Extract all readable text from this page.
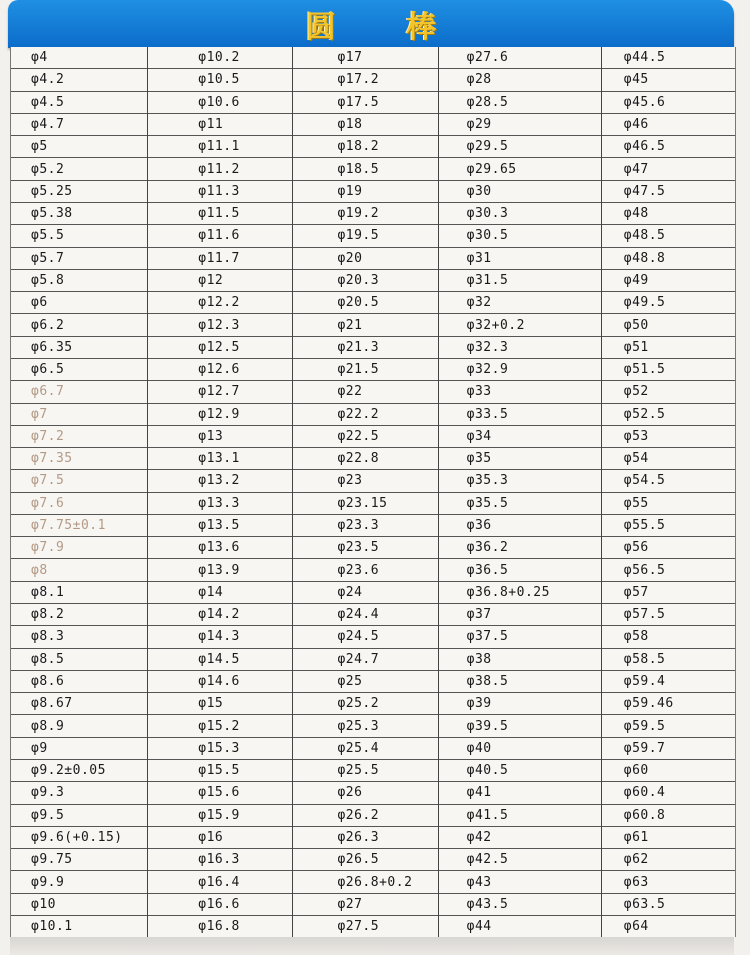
圆 棒
φ4
φ4.2
φ4.5
φ4.7
φ5
φ5.2
φ5.25
φ5.38
φ5.5
φ5.7
φ5.8
φ6
φ6.2
φ6.35
φ6.5
φ6.7
φ7
φ7.2
φ7.35
φ7.5
φ7.6
φ7.75±0.1
φ7.9
φ8
φ8.1
φ8.2
φ8.3
φ8.5
φ8.6
φ8.67
φ8.9
φ9
φ9.2±0.05
φ9.3
φ9.5
φ9.6(+0.15)
φ9.75
φ9.9
φ10
φ10.1
φ10.2
φ10.5
φ10.6
φ11
φ11.1
φ11.2
φ11.3
φ11.5
φ11.6
φ11.7
φ12
φ12.2
φ12.3
φ12.5
φ12.6
φ12.7
φ12.9
φ13
φ13.1
φ13.2
φ13.3
φ13.5
φ13.6
φ13.9
φ14
φ14.2
φ14.3
φ14.5
φ14.6
φ15
φ15.2
φ15.3
φ15.5
φ15.6
φ15.9
φ16
φ16.3
φ16.4
φ16.6
φ16.8
φ17
φ17.2
φ17.5
φ18
φ18.2
φ18.5
φ19
φ19.2
φ19.5
φ20
φ20.3
φ20.5
φ21
φ21.3
φ21.5
φ22
φ22.2
φ22.5
φ22.8
φ23
φ23.15
φ23.3
φ23.5
φ23.6
φ24
φ24.4
φ24.5
φ24.7
φ25
φ25.2
φ25.3
φ25.4
φ25.5
φ26
φ26.2
φ26.3
φ26.5
φ26.8+0.2
φ27
φ27.5
φ27.6
φ28
φ28.5
φ29
φ29.5
φ29.65
φ30
φ30.3
φ30.5
φ31
φ31.5
φ32
φ32+0.2
φ32.3
φ32.9
φ33
φ33.5
φ34
φ35
φ35.3
φ35.5
φ36
φ36.2
φ36.5
φ36.8+0.25
φ37
φ37.5
φ38
φ38.5
φ39
φ39.5
φ40
φ40.5
φ41
φ41.5
φ42
φ42.5
φ43
φ43.5
φ44
φ44.5
φ45
φ45.6
φ46
φ46.5
φ47
φ47.5
φ48
φ48.5
φ48.8
φ49
φ49.5
φ50
φ51
φ51.5
φ52
φ52.5
φ53
φ54
φ54.5
φ55
φ55.5
φ56
φ56.5
φ57
φ57.5
φ58
φ58.5
φ59.4
φ59.46
φ59.5
φ59.7
φ60
φ60.4
φ60.8
φ61
φ62
φ63
φ63.5
φ64
